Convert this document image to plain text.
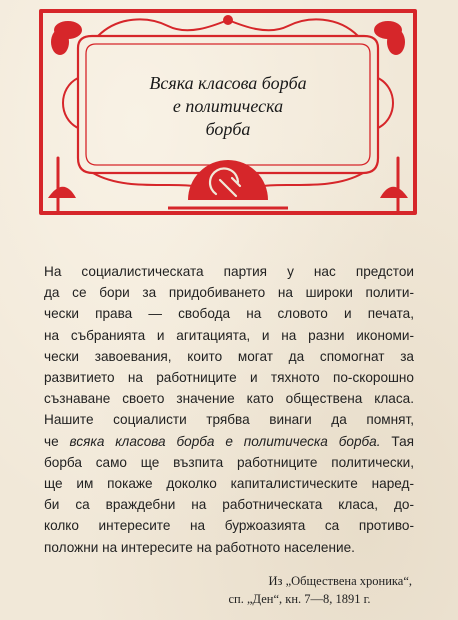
Всяка класова борба
е политическа
борба
На социалистическата партия у нас предстои
да се бори за придобиването на широки полити-
чески права — свобода на словото и печата,
на събранията и агитацията, и на разни икономи-
чески завоевания, които могат да спомогнат за
развитието на работниците и тяхното по-скорошно
съзнаване своето значение като обществена класа.
Нашите социалисти трябва винаги да помнят,
че всяка класова борба е политическа борба. Тая
борба само ще възпита работниците политически,
ще им покаже доколко капиталистическите наред-
би са враждебни на работническата класа, до-
колко интересите на буржоазията са противо-
положни на интересите на работното население.
Из „Обществена хроника“,
сп. „Ден“, кн. 7—8, 1891 г.
